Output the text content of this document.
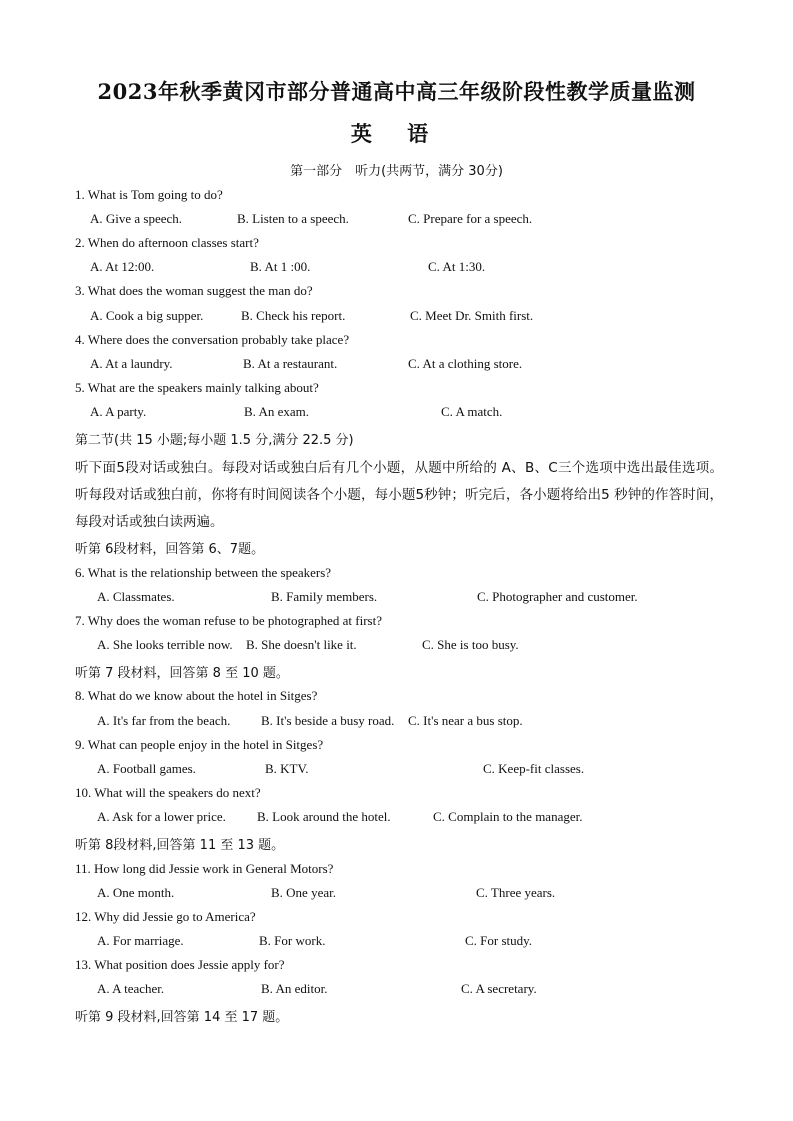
2023年秋季黄冈市部分普通高中高三年级阶段性教学质量监测
英 语
第一部分　听力(共两节，满分 30分)
1. What is Tom going to do?
A. Give a speech.	B. Listen to a speech.	C. Prepare for a speech.
2. When do afternoon classes start?
A. At 12:00.	B. At 1 :00.	C. At 1:30.
3. What does the woman suggest the man do?
A. Cook a big supper.	B. Check his report.	C. Meet Dr. Smith first.
4. Where does the conversation probably take place?
A. At a laundry.	B. At a restaurant.	C. At a clothing store.
5. What are the speakers mainly talking about?
A. A party.	B. An exam.	C. A match.
第二节(共 15 小题;每小题 1.5 分,满分 22.5 分)
听下面5段对话或独白。每段对话或独白后有几个小题，从题中所给的 A、B、C三个选项中选出最佳选项。听每段对话或独白前，你将有时间阅读各个小题，每小题5秒钟；听完后，各小题将给出5 秒钟的作答时间，每段对话或独白读两遍。
听第 6段材料，回答第 6、7题。
6. What is the relationship between the speakers?
A. Classmates.	B. Family members.	C. Photographer and customer.
7. Why does the woman refuse to be photographed at first?
A. She looks terrible now. B. She doesn't like it.	C. She is too busy.
听第 7 段材料，回答第 8 至 10 题。
8. What do we know about the hotel in Sitges?
A. It's far from the beach. B. It's beside a busy road. C. It's near a bus stop.
9. What can people enjoy in the hotel in Sitges?
A. Football games.	B. KTV.	C. Keep-fit classes.
10. What will the speakers do next?
A. Ask for a lower price. B. Look around the hotel.	C. Complain to the manager.
听第 8段材料,回答第 11 至 13 题。
11. How long did Jessie work in General Motors?
A. One month.	B. One year.	C. Three years.
12. Why did Jessie go to America?
A. For marriage.	B. For work.	C. For study.
13. What position does Jessie apply for?
A. A teacher.	B. An editor.	C. A secretary.
听第 9 段材料,回答第 14 至 17 题。
